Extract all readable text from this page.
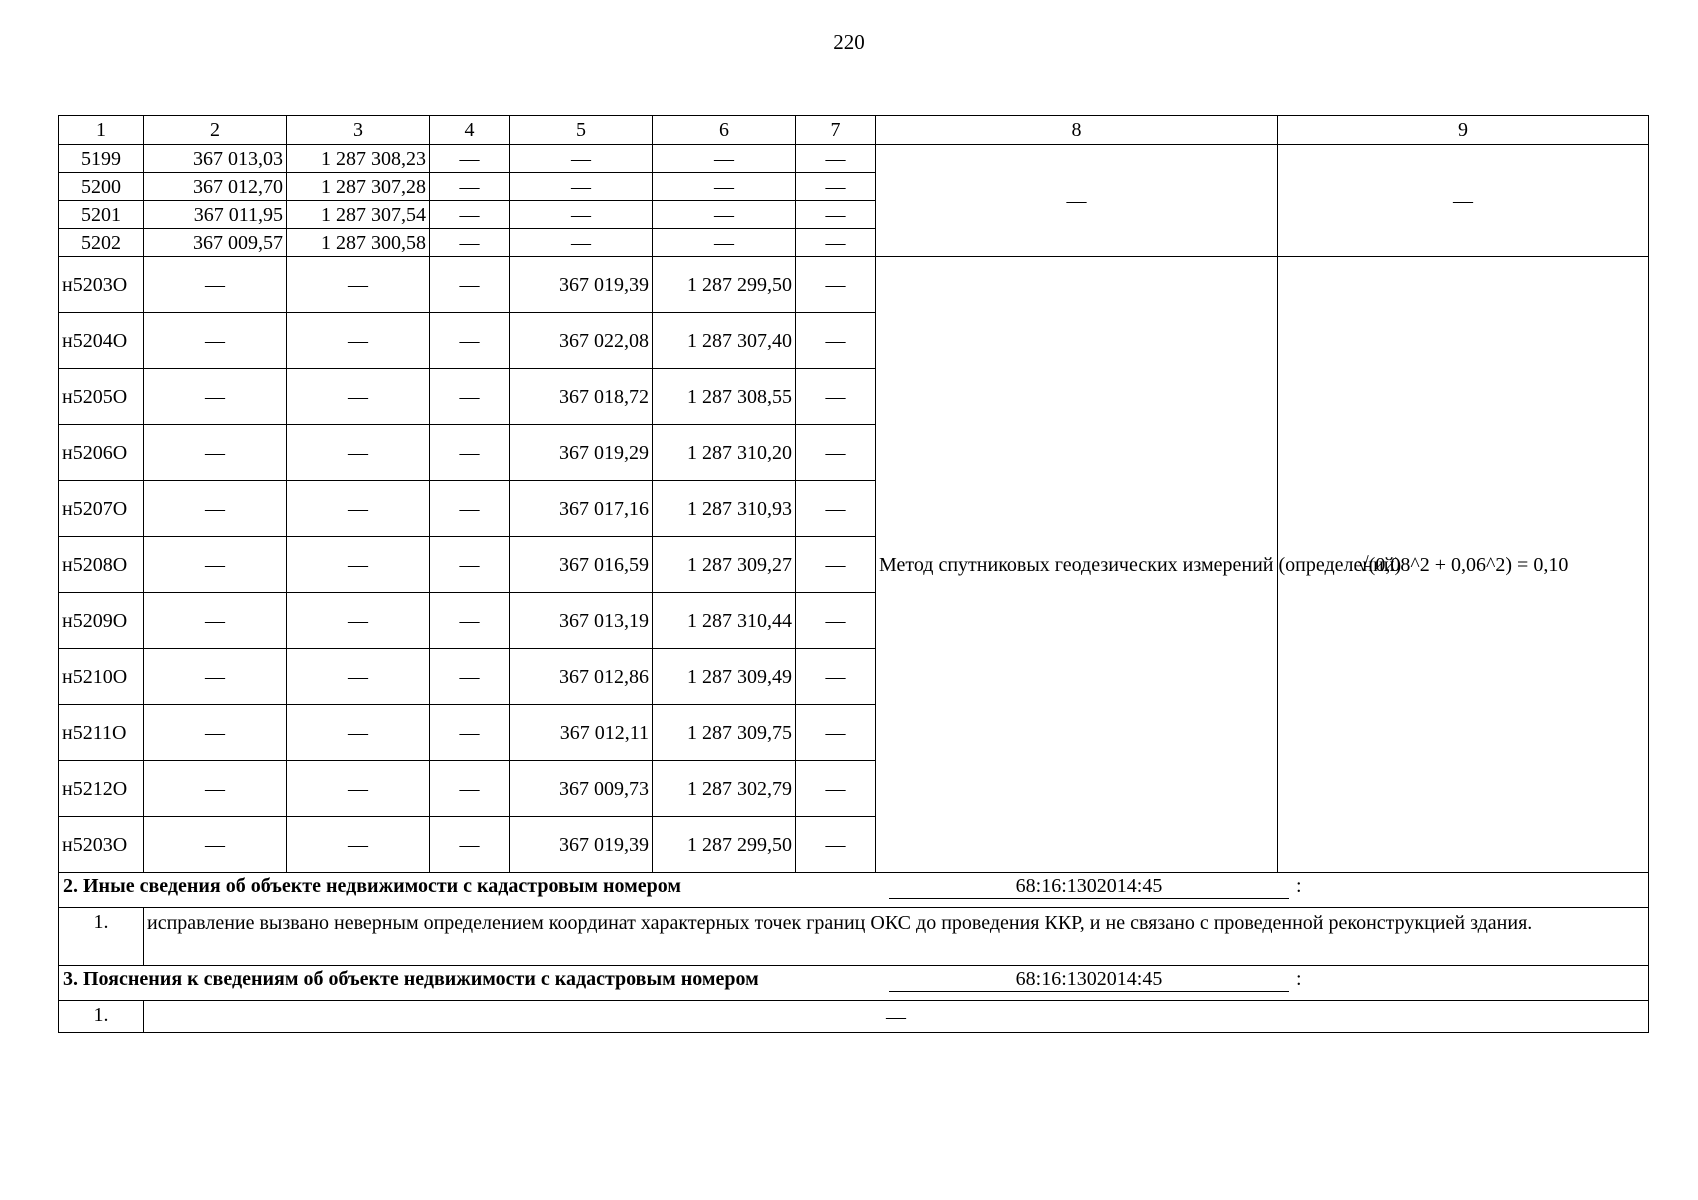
220
1	2	3	4	5	6	7	8	9
5199	367 013,03	1 287 308,23	—	—	—	—	—	—
5200	367 012,70	1 287 307,28	—	—	—	—		
5201	367 011,95	1 287 307,54	—	—	—	—		
5202	367 009,57	1 287 300,58	—	—	—	—		
н5203О	—	—	—	367 019,39	1 287 299,50	—	Метод спутниковых геодезических измерений (определений)	√(0,08^2 + 0,06^2) = 0,10
н5204О	—	—	—	367 022,08	1 287 307,40	—		
н5205О	—	—	—	367 018,72	1 287 308,55	—		
н5206О	—	—	—	367 019,29	1 287 310,20	—		
н5207О	—	—	—	367 017,16	1 287 310,93	—		
н5208О	—	—	—	367 016,59	1 287 309,27	—		
н5209О	—	—	—	367 013,19	1 287 310,44	—		
н5210О	—	—	—	367 012,86	1 287 309,49	—		
н5211О	—	—	—	367 012,11	1 287 309,75	—		
н5212О	—	—	—	367 009,73	1 287 302,79	—		
н5203О	—	—	—	367 019,39	1 287 299,50	—		

2. Иные сведения об объекте недвижимости с кадастровым номером 68:16:1302014:45 :								

1.	исправление вызвано неверным определением координат характерных точек границ ОКС до проведения ККР, и не связано с проведенной реконструкцией здания.							

3. Пояснения к сведениям об объекте недвижимости с кадастровым номером 68:16:1302014:45 :								

1.	—							
